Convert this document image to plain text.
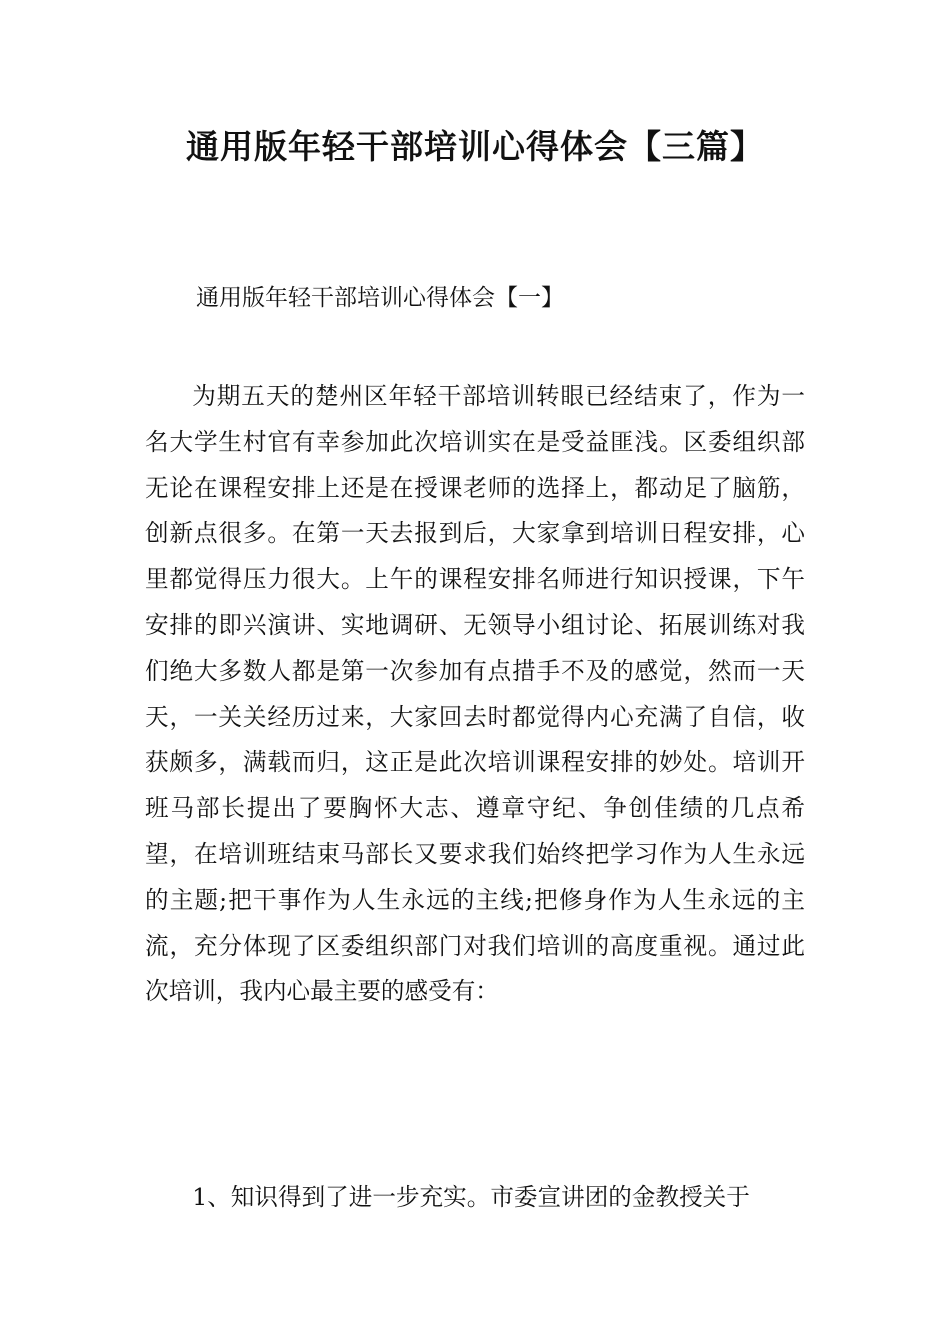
通用版年轻干部培训心得体会【三篇】
通用版年轻干部培训心得体会【一】

为期五天的楚州区年轻干部培训转眼已经结束了，作为一名大学生村官有幸参加此次培训实在是受益匪浅。区委组织部无论在课程安排上还是在授课老师的选择上，都动足了脑筋，创新点很多。在第一天去报到后，大家拿到培训日程安排，心里都觉得压力很大。上午的课程安排名师进行知识授课，下午安排的即兴演讲、实地调研、无领导小组讨论、拓展训练对我们绝大多数人都是第一次参加有点措手不及的感觉，然而一天天，一关关经历过来，大家回去时都觉得内心充满了自信，收获颇多，满载而归，这正是此次培训课程安排的妙处。培训开班马部长提出了要胸怀大志、遵章守纪、争创佳绩的几点希望，在培训班结束马部长又要求我们始终把学习作为人生永远的主题;把干事作为人生永远的主线;把修身作为人生永远的主流，充分体现了区委组织部门对我们培训的高度重视。通过此次培训，我内心最主要的感受有：

1、知识得到了进一步充实。市委宣讲团的金教授关于
